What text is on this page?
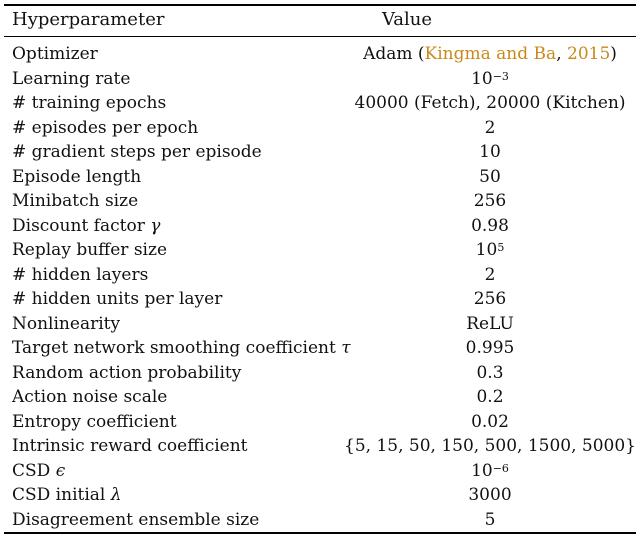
Hyperparameter	Value
Optimizer	Adam (Kingma and Ba, 2015)
Learning rate	$10^{-3}$
# training epochs	40000 (Fetch), 20000 (Kitchen)
# episodes per epoch	2
# gradient steps per episode	10
Episode length	50
Minibatch size	256
Discount factor γ	0.98
Replay buffer size	$10^5$
# hidden layers	2
# hidden units per layer	256
Nonlinearity	ReLU
Target network smoothing coefficient τ	0.995
Random action probability	0.3
Action noise scale	0.2
Entropy coefficient	0.02
Intrinsic reward coefficient	{5, 15, 50, 150, 500, 1500, 5000}
CSD ϵ	$10^{-6}$
CSD initial λ	3000
Disagreement ensemble size	5
